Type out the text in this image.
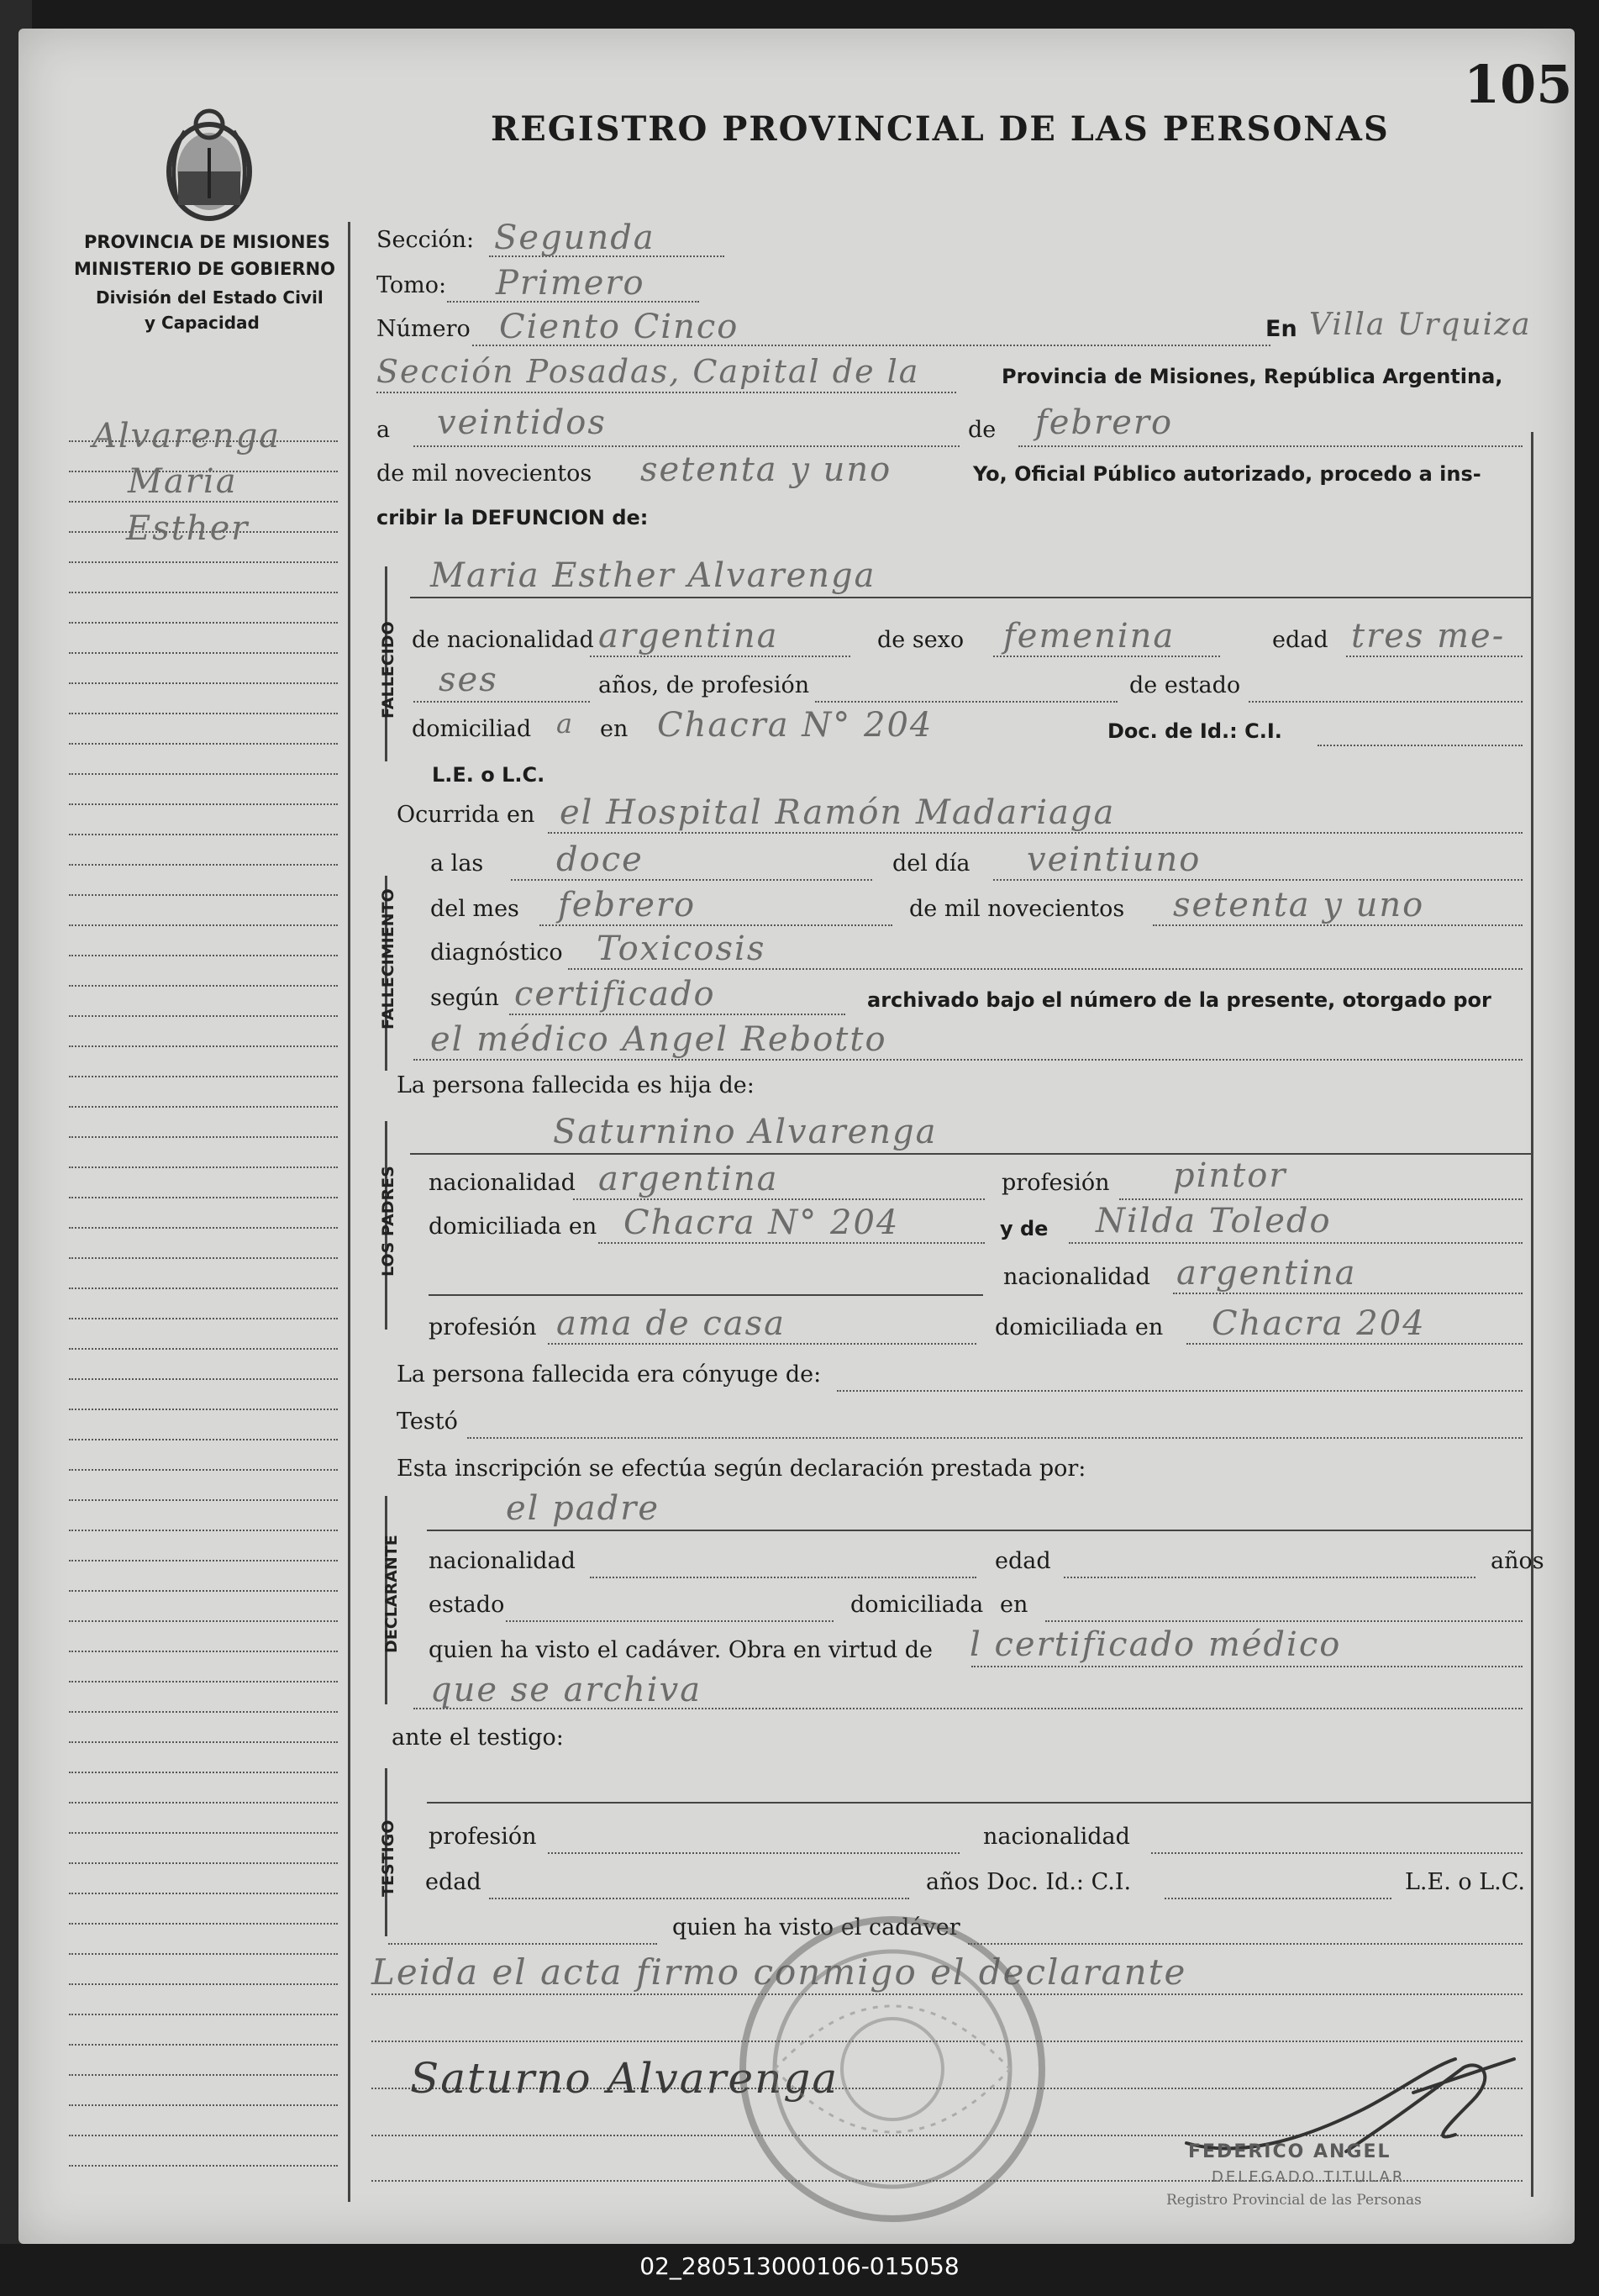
105
REGISTRO PROVINCIAL DE LAS PERSONAS
PROVINCIA DE MISIONES
MINISTERIO DE GOBIERNO
División del Estado Civil
y Capacidad
Alvarenga
Maria
Esther
Sección: Segunda
Tomo: Primero
Número Ciento Cinco	En Villa Urquiza
Sección Posadas, Capital de la	Provincia de Misiones, República Argentina,
a veintidos	de febrero
de mil novecientos setenta y uno	Yo, Oficial Público autorizado, procedo a ins-
cribir la DEFUNCION de:
FALLECIDO
Maria Esther Alvarenga
de nacionalidad argentina	de sexo femenina	edad tres me-
ses	años, de profesión	de estado
domiciliad a en Chacra N° 204	Doc. de Id.: C.I.
L.E. o L.C.
Ocurrida en el Hospital Ramón Madariaga
FALLECIMIENTO
a las doce	del día veintiuno
del mes febrero	de mil novecientos setenta y uno
diagnóstico Toxicosis
según certificado	archivado bajo el número de la presente, otorgado por
el médico Angel Rebotto
La persona fallecida es hija de:
LOS PADRES
Saturnino Alvarenga
nacionalidad argentina	profesión pintor
domiciliada en Chacra N° 204	y de Nilda Toledo
nacionalidad argentina
profesión ama de casa	domiciliada en Chacra 204
La persona fallecida era cónyuge de:
Testó
Esta inscripción se efectúa según declaración prestada por:
DECLARANTE
el padre
nacionalidad	edad	años
estado	domiciliada en
quien ha visto el cadáver. Obra en virtud de l certificado médico
que se archiva
ante el testigo:
TESTIGO profesión	nacionalidad
edad	años Doc. Id.: C.I.	L.E. o L.C.
quien ha visto el cadáver
Leida el acta firmo conmigo el declarante
Saturno Alvarenga
FEDERICO ANGEL
DELEGADO TITULAR
Registro Provincial de las Personas
02_280513000106-015058
